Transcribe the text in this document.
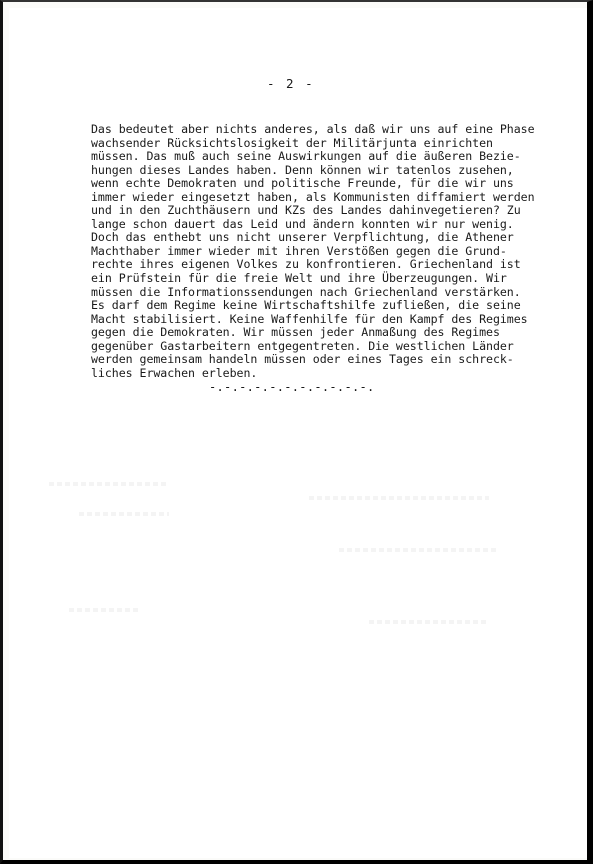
- 2 -
Das bedeutet aber nichts anderes, als daß wir uns auf eine Phase
wachsender Rücksichtslosigkeit der Militärjunta einrichten
müssen. Das muß auch seine Auswirkungen auf die äußeren Bezie-
hungen dieses Landes haben. Denn können wir tatenlos zusehen,
wenn echte Demokraten und politische Freunde, für die wir uns
immer wieder eingesetzt haben, als Kommunisten diffamiert werden
und in den Zuchthäusern und KZs des Landes dahinvegetieren? Zu
lange schon dauert das Leid und ändern konnten wir nur wenig.
Doch das enthebt uns nicht unserer Verpflichtung, die Athener
Machthaber immer wieder mit ihren Verstößen gegen die Grund-
rechte ihres eigenen Volkes zu konfrontieren. Griechenland ist
ein Prüfstein für die freie Welt und ihre Überzeugungen. Wir
müssen die Informationssendungen nach Griechenland verstärken.
Es darf dem Regime keine Wirtschaftshilfe zufließen, die seine
Macht stabilisiert. Keine Waffenhilfe für den Kampf des Regimes
gegen die Demokraten. Wir müssen jeder Anmaßung des Regimes
gegenüber Gastarbeitern entgegentreten. Die westlichen Länder
werden gemeinsam handeln müssen oder eines Tages ein schreck-
liches Erwachen erleben.
-.-.-.-.-.-.-.-.-.-.-.
